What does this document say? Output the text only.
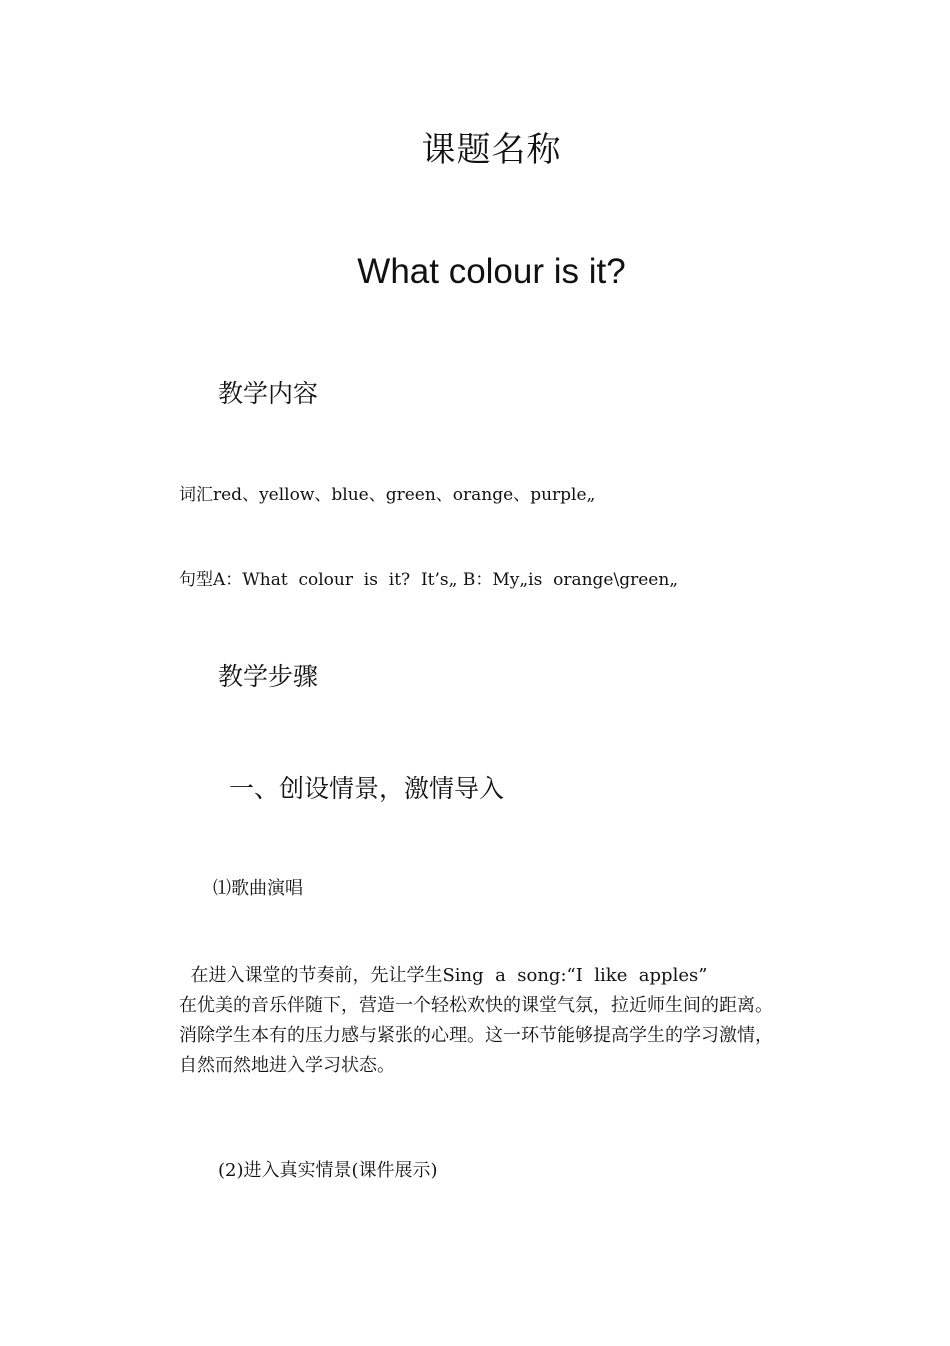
课题名称
What colour is it?
教学内容
词汇red、yellow、blue、green、orange、purple„
句型A：What  colour  is  it?  It’s„ B：My„is  orange\green„
教学步骤
一、创设情景，激情导入
⑴歌曲演唱
在进入课堂的节奏前，先让学生Sing  a  song:“I  like  apples”
在优美的音乐伴随下，营造一个轻松欢快的课堂气氛，拉近师生间的距离。
消除学生本有的压力感与紧张的心理。这一环节能够提高学生的学习激情，
自然而然地进入学习状态。
(2)进入真实情景(课件展示)
